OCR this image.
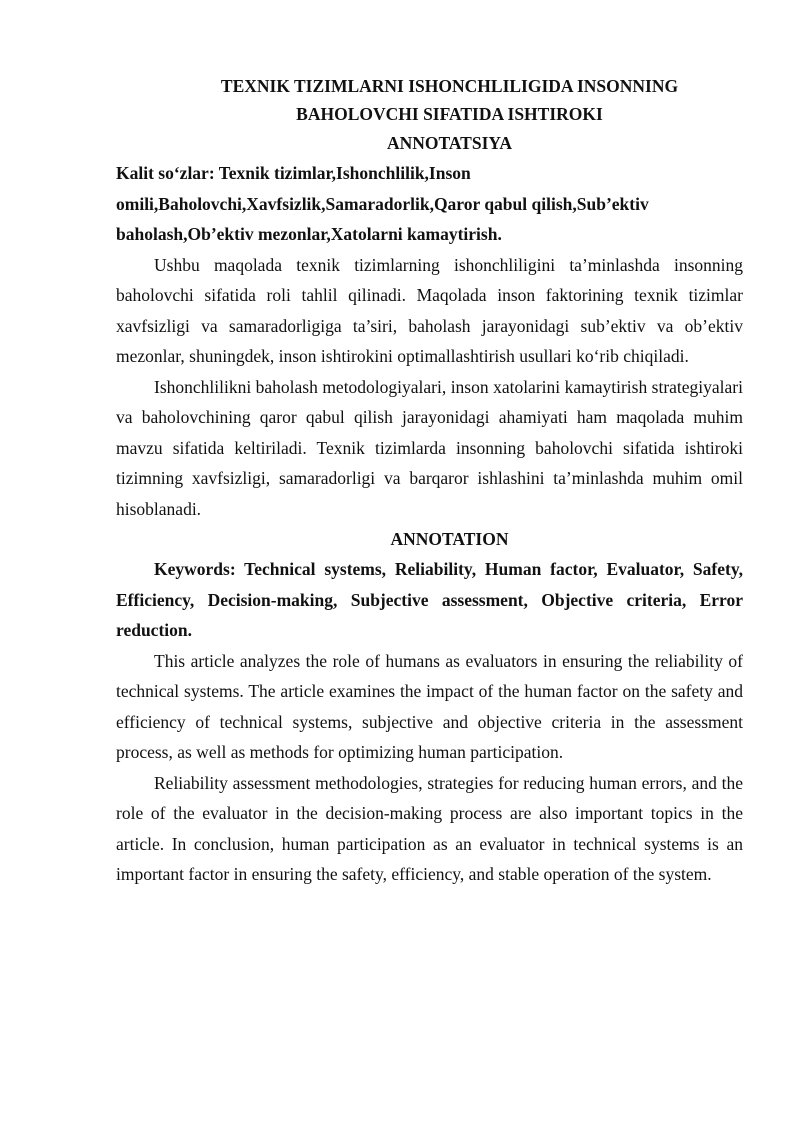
TEXNIK TIZIMLARNI ISHONCHLILIGIDA INSONNING

BAHOLOVCHI SIFATIDA ISHTIROKI

ANNOTATSIYA

Kalit so‘zlar: Texnik tizimlar,Ishonchlilik,Inson

omili,Baholovchi,Xavfsizlik,Samaradorlik,Qaror qabul qilish,Sub’ektiv

baholash,Ob’ektiv mezonlar,Xatolarni kamaytirish.

Ushbu maqolada texnik tizimlarning ishonchliligini ta’minlashda insonning baholovchi sifatida roli tahlil qilinadi. Maqolada inson faktorining texnik tizimlar xavfsizligi va samaradorligiga ta’siri, baholash jarayonidagi sub’ektiv va ob’ektiv mezonlar, shuningdek, inson ishtirokini optimallashtirish usullari ko‘rib chiqiladi.

Ishonchlilikni baholash metodologiyalari, inson xatolarini kamaytirish strategiyalari va baholovchining qaror qabul qilish jarayonidagi ahamiyati ham maqolada muhim mavzu sifatida keltiriladi. Texnik tizimlarda insonning baholovchi sifatida ishtiroki tizimning xavfsizligi, samaradorligi va barqaror ishlashini ta’minlashda muhim omil hisoblanadi.

ANNOTATION

Keywords: Technical systems, Reliability, Human factor, Evaluator, Safety, Efficiency, Decision-making, Subjective assessment, Objective criteria, Error reduction.

This article analyzes the role of humans as evaluators in ensuring the reliability of technical systems. The article examines the impact of the human factor on the safety and efficiency of technical systems, subjective and objective criteria in the assessment process, as well as methods for optimizing human participation.

Reliability assessment methodologies, strategies for reducing human errors, and the role of the evaluator in the decision-making process are also important topics in the article. In conclusion, human participation as an evaluator in technical systems is an important factor in ensuring the safety, efficiency, and stable operation of the system.
